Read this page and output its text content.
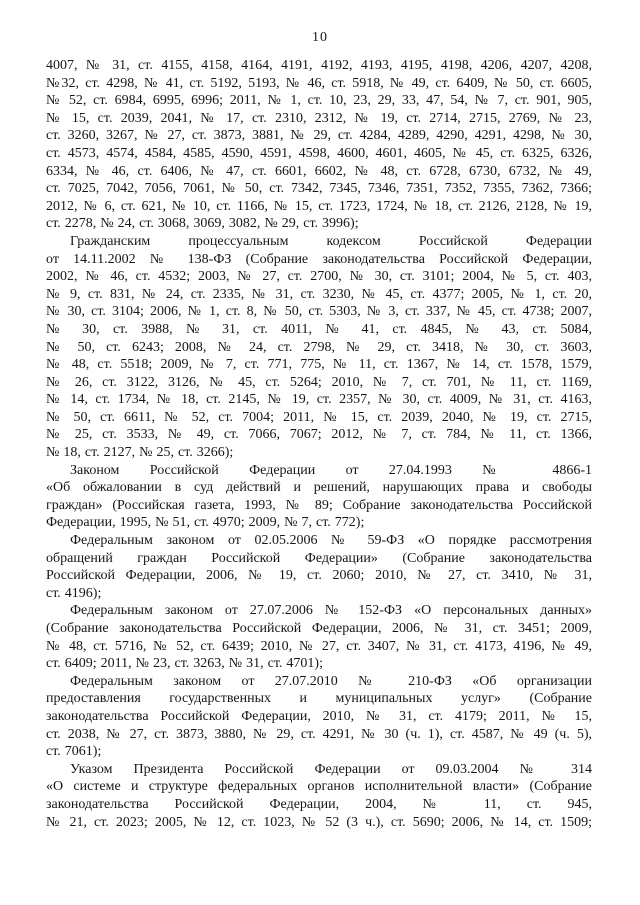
10
4007, № 31, ст. 4155, 4158, 4164, 4191, 4192, 4193, 4195, 4198, 4206, 4207, 4208,
№32, ст. 4298, № 41, ст. 5192, 5193, № 46, ст. 5918, № 49, ст. 6409, № 50, ст. 6605,
№ 52, ст. 6984, 6995, 6996; 2011, № 1, ст. 10, 23, 29, 33, 47, 54, № 7, ст. 901, 905,
№ 15, ст. 2039, 2041, № 17, ст. 2310, 2312, № 19, ст. 2714, 2715, 2769, № 23,
ст. 3260, 3267, № 27, ст. 3873, 3881, № 29, ст. 4284, 4289, 4290, 4291, 4298, № 30,
ст. 4573, 4574, 4584, 4585, 4590, 4591, 4598, 4600, 4601, 4605, № 45, ст. 6325, 6326,
6334, № 46, ст. 6406, № 47, ст. 6601, 6602, № 48, ст. 6728, 6730, 6732, № 49,
ст. 7025, 7042, 7056, 7061, № 50, ст. 7342, 7345, 7346, 7351, 7352, 7355, 7362, 7366;
2012, № 6, ст. 621, № 10, ст. 1166, № 15, ст. 1723, 1724, № 18, ст. 2126, 2128, № 19,
ст. 2278, № 24, ст. 3068, 3069, 3082, № 29, ст. 3996);
Гражданским процессуальным кодексом Российской Федерации
от 14.11.2002 № 138-ФЗ (Собрание законодательства Российской Федерации,
2002, № 46, ст. 4532; 2003, № 27, ст. 2700, № 30, ст. 3101; 2004, № 5, ст. 403,
№ 9, ст. 831, № 24, ст. 2335, № 31, ст. 3230, № 45, ст. 4377; 2005, № 1, ст. 20,
№ 30, ст. 3104; 2006, № 1, ст. 8, № 50, ст. 5303, № 3, ст. 337, № 45, ст. 4738; 2007,
№ 30, ст. 3988, № 31, ст. 4011, № 41, ст. 4845, № 43, ст. 5084,
№ 50, ст. 6243; 2008, № 24, ст. 2798, № 29, ст. 3418, № 30, ст. 3603,
№ 48, ст. 5518; 2009, № 7, ст. 771, 775, № 11, ст. 1367, № 14, ст. 1578, 1579,
№ 26, ст. 3122, 3126, № 45, ст. 5264; 2010, № 7, ст. 701, № 11, ст. 1169,
№ 14, ст. 1734, № 18, ст. 2145, № 19, ст. 2357, № 30, ст. 4009, № 31, ст. 4163,
№ 50, ст. 6611, № 52, ст. 7004; 2011, № 15, ст. 2039, 2040, № 19, ст. 2715,
№ 25, ст. 3533, № 49, ст. 7066, 7067; 2012, № 7, ст. 784, № 11, ст. 1366,
№ 18, ст. 2127, № 25, ст. 3266);
Законом Российской Федерации от 27.04.1993 № 4866-1
«Об обжаловании в суд действий и решений, нарушающих права и свободы
граждан» (Российская газета, 1993, № 89; Собрание законодательства Российской
Федерации, 1995, № 51, ст. 4970; 2009, № 7, ст. 772);
Федеральным законом от 02.05.2006 № 59-ФЗ «О порядке рассмотрения
обращений граждан Российской Федерации» (Собрание законодательства
Российской Федерации, 2006, № 19, ст. 2060; 2010, № 27, ст. 3410, № 31,
ст. 4196);
Федеральным законом от 27.07.2006 № 152-ФЗ «О персональных данных»
(Собрание законодательства Российской Федерации, 2006, № 31, ст. 3451; 2009,
№ 48, ст. 5716, № 52, ст. 6439; 2010, № 27, ст. 3407, № 31, ст. 4173, 4196, № 49,
ст. 6409; 2011, № 23, ст. 3263, № 31, ст. 4701);
Федеральным законом от 27.07.2010 № 210-ФЗ «Об организации
предоставления государственных и муниципальных услуг» (Собрание
законодательства Российской Федерации, 2010, № 31, ст. 4179; 2011, № 15,
ст. 2038, № 27, ст. 3873, 3880, № 29, ст. 4291, № 30 (ч. 1), ст. 4587, № 49 (ч. 5),
ст. 7061);
Указом Президента Российской Федерации от 09.03.2004 № 314
«О системе и структуре федеральных органов исполнительной власти» (Собрание
законодательства Российской Федерации, 2004, № 11, ст. 945,
№ 21, ст. 2023; 2005, № 12, ст. 1023, № 52 (3 ч.), ст. 5690; 2006, № 14, ст. 1509;
